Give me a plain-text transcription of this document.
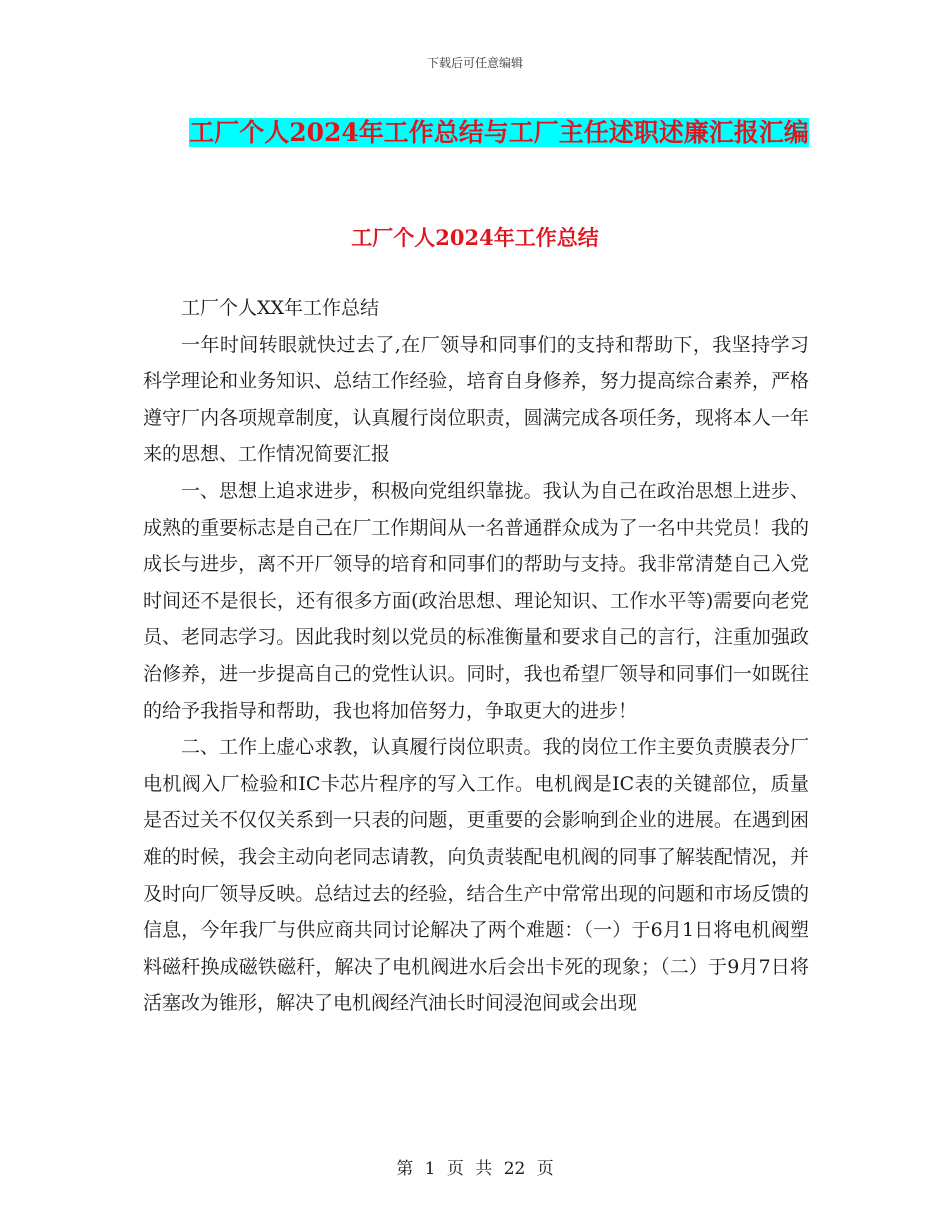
下载后可任意编辑
工厂个人2024年工作总结与工厂主任述职述廉汇报汇编
工厂个人2024年工作总结

工厂个人XX年工作总结

一年时间转眼就快过去了,在厂领导和同事们的支持和帮助下，我坚持学习科学理论和业务知识、总结工作经验，培育自身修养，努力提高综合素养，严格遵守厂内各项规章制度，认真履行岗位职责，圆满完成各项任务，现将本人一年来的思想、工作情况简要汇报

一、思想上追求进步，积极向党组织靠拢。我认为自己在政治思想上进步、成熟的重要标志是自己在厂工作期间从一名普通群众成为了一名中共党员！我的成长与进步，离不开厂领导的培育和同事们的帮助与支持。我非常清楚自己入党时间还不是很长，还有很多方面(政治思想、理论知识、工作水平等)需要向老党员、老同志学习。因此我时刻以党员的标准衡量和要求自己的言行，注重加强政治修养，进一步提高自己的党性认识。同时，我也希望厂领导和同事们一如既往的给予我指导和帮助，我也将加倍努力，争取更大的进步！

二、工作上虚心求教，认真履行岗位职责。我的岗位工作主要负责膜表分厂电机阀入厂检验和IC卡芯片程序的写入工作。电机阀是IC表的关键部位，质量是否过关不仅仅关系到一只表的问题，更重要的会影响到企业的进展。在遇到困难的时候，我会主动向老同志请教，向负责装配电机阀的同事了解装配情况，并及时向厂领导反映。总结过去的经验，结合生产中常常出现的问题和市场反馈的信息，今年我厂与供应商共同讨论解决了两个难题：（一）于6月1日将电机阀塑料磁秆换成磁铁磁秆，解决了电机阀进水后会出卡死的现象；（二）于9月7日将活塞改为锥形，解决了电机阀经汽油长时间浸泡间或会出现

第 1 页 共 22 页
